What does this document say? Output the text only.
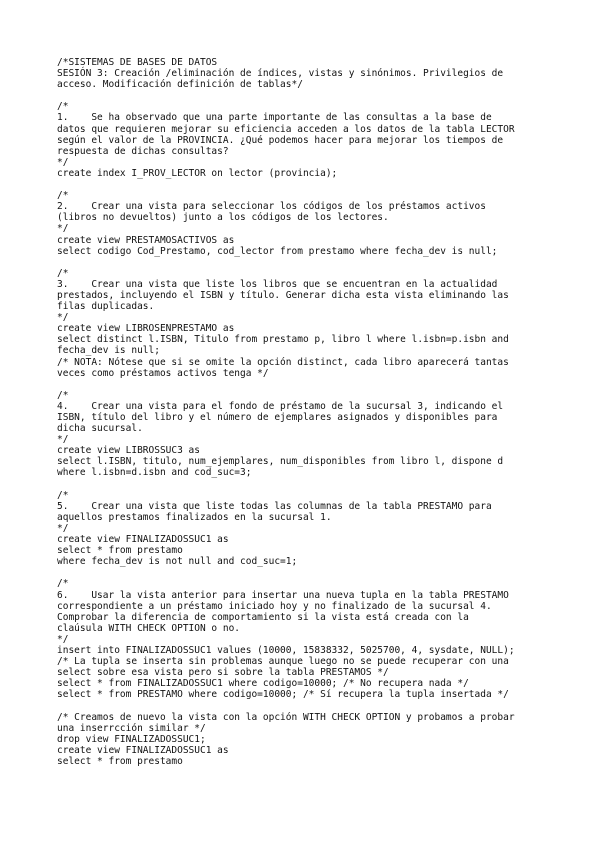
/*SISTEMAS DE BASES DE DATOS
SESIÓN 3: Creación /eliminación de índices, vistas y sinónimos. Privilegios de
acceso. Modificación definición de tablas*/
/*
1.    Se ha observado que una parte importante de las consultas a la base de
datos que requieren mejorar su eficiencia acceden a los datos de la tabla LECTOR
según el valor de la PROVINCIA. ¿Qué podemos hacer para mejorar los tiempos de
respuesta de dichas consultas?
*/
create index I_PROV_LECTOR on lector (provincia);
/*
2.    Crear una vista para seleccionar los códigos de los préstamos activos
(libros no devueltos) junto a los códigos de los lectores.
*/
create view PRESTAMOSACTIVOS as
select codigo Cod_Prestamo, cod_lector from prestamo where fecha_dev is null;
/*
3.    Crear una vista que liste los libros que se encuentran en la actualidad
prestados, incluyendo el ISBN y título. Generar dicha esta vista eliminando las
filas duplicadas.
*/
create view LIBROSENPRESTAMO as
select distinct l.ISBN, Titulo from prestamo p, libro l where l.isbn=p.isbn and
fecha_dev is null;
/* NOTA: Nótese que si se omite la opción distinct, cada libro aparecerá tantas
veces como préstamos activos tenga */
/*
4.    Crear una vista para el fondo de préstamo de la sucursal 3, indicando el
ISBN, título del libro y el número de ejemplares asignados y disponibles para
dicha sucursal.
*/
create view LIBROSSUC3 as
select l.ISBN, titulo, num_ejemplares, num_disponibles from libro l, dispone d
where l.isbn=d.isbn and cod_suc=3;
/*
5.    Crear una vista que liste todas las columnas de la tabla PRESTAMO para
aquellos prestamos finalizados en la sucursal 1.
*/
create view FINALIZADOSSUC1 as
select * from prestamo
where fecha_dev is not null and cod_suc=1;
/*
6.    Usar la vista anterior para insertar una nueva tupla en la tabla PRESTAMO
correspondiente a un préstamo iniciado hoy y no finalizado de la sucursal 4.
Comprobar la diferencia de comportamiento si la vista está creada con la
claúsula WITH CHECK OPTION o no.
*/
insert into FINALIZADOSSUC1 values (10000, 15838332, 5025700, 4, sysdate, NULL);
/* La tupla se inserta sin problemas aunque luego no se puede recuperar con una
select sobre esa vista pero si sobre la tabla PRESTAMOS */
select * from FINALIZADOSSUC1 where codigo=10000; /* No recupera nada */
select * from PRESTAMO where codigo=10000; /* Sí recupera la tupla insertada */
/* Creamos de nuevo la vista con la opción WITH CHECK OPTION y probamos a probar
una inserrcción similar */
drop view FINALIZADOSSUC1;
create view FINALIZADOSSUC1 as
select * from prestamo
